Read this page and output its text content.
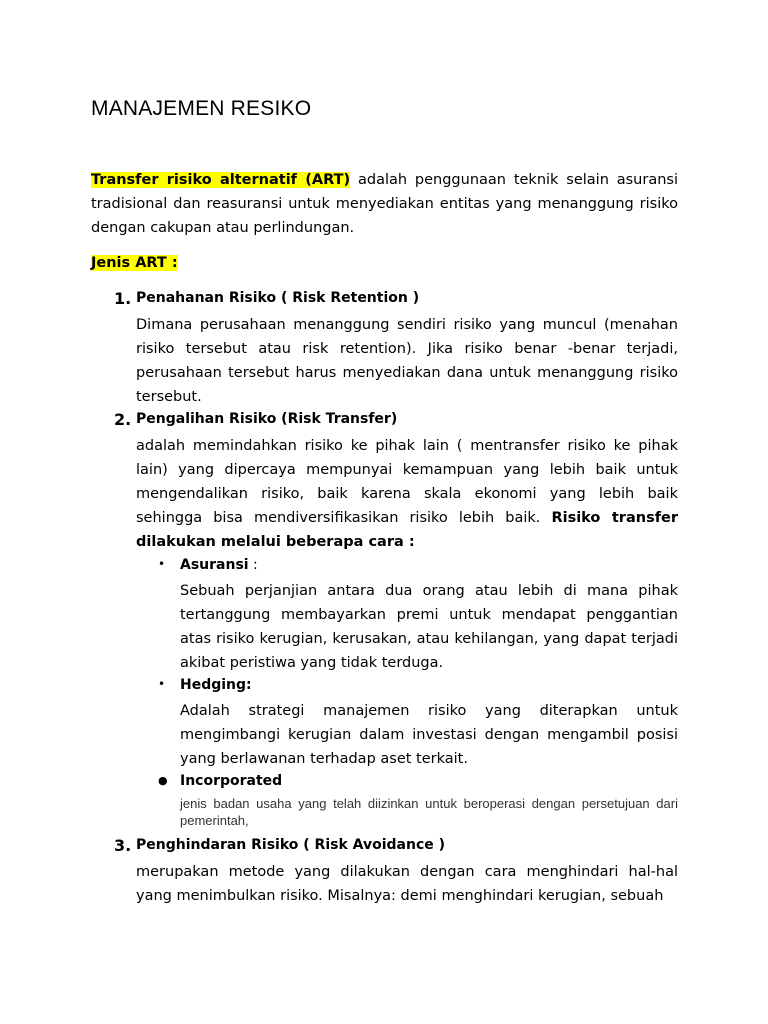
MANAJEMEN RESIKO

Transfer risiko alternatif (ART) adalah penggunaan teknik selain asuransi tradisional dan reasuransi untuk menyediakan entitas yang menanggung risiko dengan cakupan atau perlindungan.

Jenis ART :
1. Penahanan Risiko ( Risk Retention )

Dimana perusahaan menanggung sendiri risiko yang muncul (menahan risiko tersebut atau risk retention). Jika risiko benar -benar terjadi, perusahaan tersebut harus menyediakan dana untuk menanggung risiko tersebut.

2. Pengalihan Risiko (Risk Transfer)

adalah memindahkan risiko ke pihak lain ( mentransfer risiko ke pihak lain) yang dipercaya mempunyai kemampuan yang lebih baik untuk mengendalikan risiko, baik karena skala ekonomi yang lebih baik sehingga bisa mendiversifikasikan risiko lebih baik. Risiko transfer dilakukan melalui beberapa cara :

• Asuransi :

Sebuah perjanjian antara dua orang atau lebih di mana pihak tertanggung membayarkan premi untuk mendapat penggantian atas risiko kerugian, kerusakan, atau kehilangan, yang dapat terjadi akibat peristiwa yang tidak terduga.

• Hedging:

Adalah strategi manajemen risiko yang diterapkan untuk mengimbangi kerugian dalam investasi dengan mengambil posisi yang berlawanan terhadap aset terkait.

● Incorporated

jenis badan usaha yang telah diizinkan untuk beroperasi dengan persetujuan dari pemerintah,

3. Penghindaran Risiko ( Risk Avoidance )

merupakan metode yang dilakukan dengan cara menghindari hal-hal yang menimbulkan risiko. Misalnya: demi menghindari kerugian, sebuah
